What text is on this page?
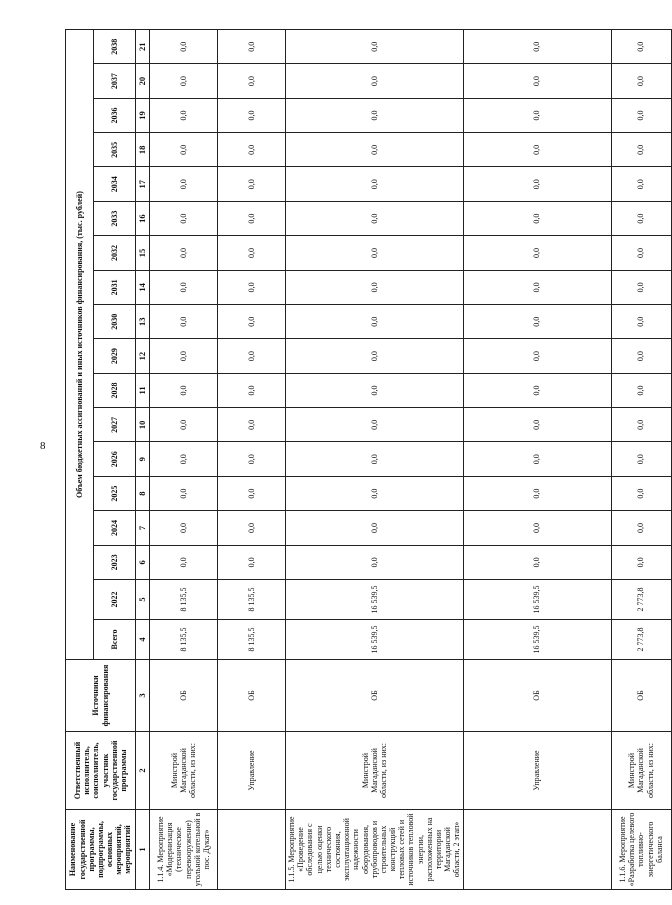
8
Наименование государственной программы, подпрограммы, основных мероприятий, мероприятий	Ответственный исполнитель, соисполнитель, участник государственной программы	Источники финансирования	Объем бюджетных ассигнований и иных источников финансирования, (тыс. рублей)																	
			Всего	2022	2023	2024	2025	2026	2027	2028	2029	2030	2031	2032	2033	2034	2035	2036	2037	2038
1	2	3	4	5	6	7	8	9	10	11	12	13	14	15	16	17	18	19	20	21
1.1.4. Мероприятие «Модернизация (техническое перевооружение) угольной котельной в пос. Дукат»	Минстрой Магаданской области, из них:	ОБ	8 135,5	8 135,5	0,0	0,0	0,0	0,0	0,0	0,0	0,0	0,0	0,0	0,0	0,0	0,0	0,0	0,0	0,0	0,0
	Управление	ОБ	8 135,5	8 135,5	0,0	0,0	0,0	0,0	0,0	0,0	0,0	0,0	0,0	0,0	0,0	0,0	0,0	0,0	0,0	0,0
1.1.5. Мероприятие «Проведение обследования с целью оценки технического состояния, эксплуатационной надежности оборудования, трубопроводов и строительных конструкций тепловых сетей и источников тепловой энергии, расположенных на территории Магаданской области, 2 этап»	Минстрой Магаданской области, из них:	ОБ	16 539,5	16 539,5	0,0	0,0	0,0	0,0	0,0	0,0	0,0	0,0	0,0	0,0	0,0	0,0	0,0	0,0	0,0	0,0
	Управление	ОБ	16 539,5	16 539,5	0,0	0,0	0,0	0,0	0,0	0,0	0,0	0,0	0,0	0,0	0,0	0,0	0,0	0,0	0,0	0,0
1.1.6. Мероприятие «Разработка целевого топливно-энергетического баланса	Минстрой Магаданской области, из них:	ОБ	2 773,8	2 773,8	0,0	0,0	0,0	0,0	0,0	0,0	0,0	0,0	0,0	0,0	0,0	0,0	0,0	0,0	0,0	0,0
